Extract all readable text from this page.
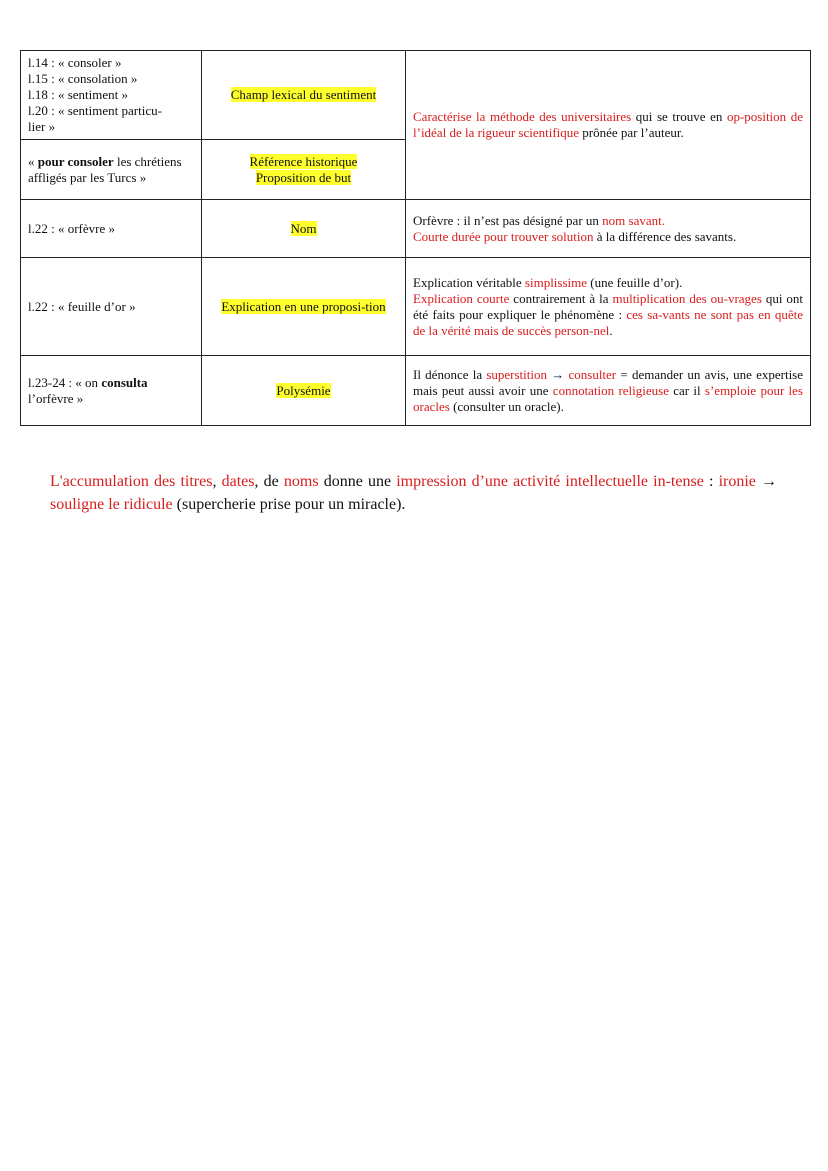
l.14 : « consoler »
l.15 : « consolation »
l.18 : « sentiment »
l.20 : « sentiment particu-
lier »	Champ lexical du sentiment	Caractérise la méthode des universitaires qui se trouve en op-position de l’idéal de la rigueur scientifique prônée par l’auteur.
« pour consoler les chrétiens affligés par les Turcs »	Référence historique
Proposition de but	
l.22 : « orfèvre »	Nom	Orfèvre : il n’est pas désigné par un nom savant.
Courte durée pour trouver solution à la différence des savants.
l.22 : « feuille d’or »	Explication en une proposi-tion	Explication véritable simplissime (une feuille d’or).
Explication courte contrairement à la multiplication des ou-vrages qui ont été faits pour expliquer le phénomène : ces sa-vants ne sont pas en quête de la vérité mais de succès person-nel.
l.23-24 : « on consulta l’orfèvre »	Polysémie	Il dénonce la superstition → consulter = demander un avis, une expertise mais peut aussi avoir une connotation religieuse car il s’emploie pour les oracles (consulter un oracle).

L'accumulation des titres, dates, de noms donne une impression d’une activité intellectuelle in-tense : ironie → souligne le ridicule (supercherie prise pour un miracle).
